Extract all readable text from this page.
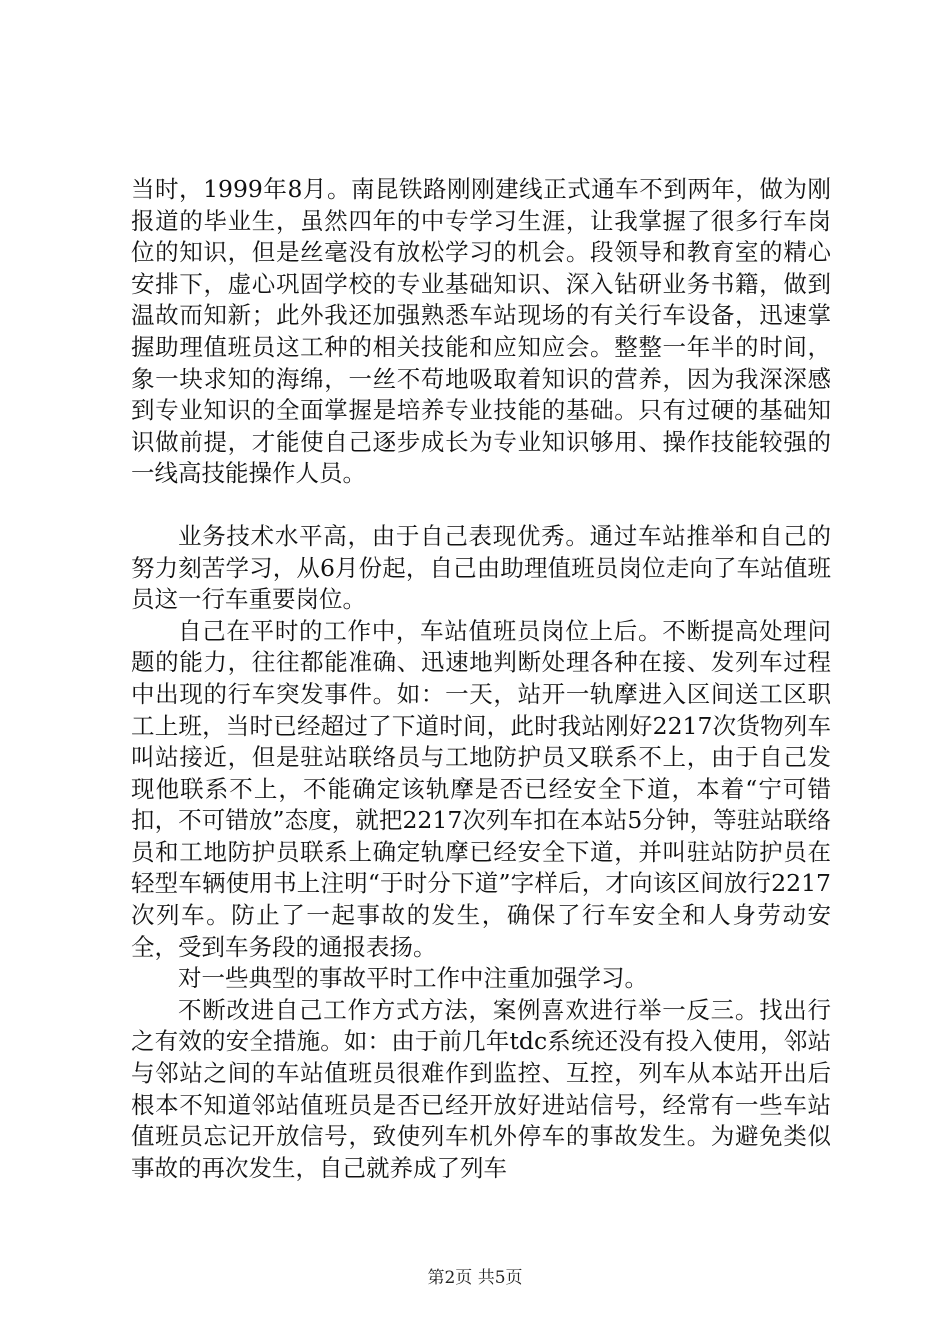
当时，1999年8月。南昆铁路刚刚建线正式通车不到两年，做为刚报道的毕业生，虽然四年的中专学习生涯，让我掌握了很多行车岗位的知识，但是丝毫没有放松学习的机会。段领导和教育室的精心安排下，虚心巩固学校的专业基础知识、深入钻研业务书籍，做到温故而知新；此外我还加强熟悉车站现场的有关行车设备，迅速掌握助理值班员这工种的相关技能和应知应会。整整一年半的时间，象一块求知的海绵，一丝不苟地吸取着知识的营养，因为我深深感到专业知识的全面掌握是培养专业技能的基础。只有过硬的基础知识做前提，才能使自己逐步成长为专业知识够用、操作技能较强的一线高技能操作人员。

业务技术水平高，由于自己表现优秀。通过车站推举和自己的努力刻苦学习，从6月份起，自己由助理值班员岗位走向了车站值班员这一行车重要岗位。

自己在平时的工作中，车站值班员岗位上后。不断提高处理问题的能力，往往都能准确、迅速地判断处理各种在接、发列车过程中出现的行车突发事件。如：一天，站开一轨摩进入区间送工区职工上班，当时已经超过了下道时间，此时我站刚好2217次货物列车叫站接近，但是驻站联络员与工地防护员又联系不上，由于自己发现他联系不上，不能确定该轨摩是否已经安全下道，本着“宁可错扣，不可错放”态度，就把2217次列车扣在本站5分钟，等驻站联络员和工地防护员联系上确定轨摩已经安全下道，并叫驻站防护员在轻型车辆使用书上注明“于时分下道”字样后，才向该区间放行2217次列车。防止了一起事故的发生，确保了行车安全和人身劳动安全，受到车务段的通报表扬。

对一些典型的事故平时工作中注重加强学习。

不断改进自己工作方式方法，案例喜欢进行举一反三。找出行之有效的安全措施。如：由于前几年tdc系统还没有投入使用，邻站与邻站之间的车站值班员很难作到监控、互控，列车从本站开出后根本不知道邻站值班员是否已经开放好进站信号，经常有一些车站值班员忘记开放信号，致使列车机外停车的事故发生。为避免类似事故的再次发生，自己就养成了列车

第2页 共5页
